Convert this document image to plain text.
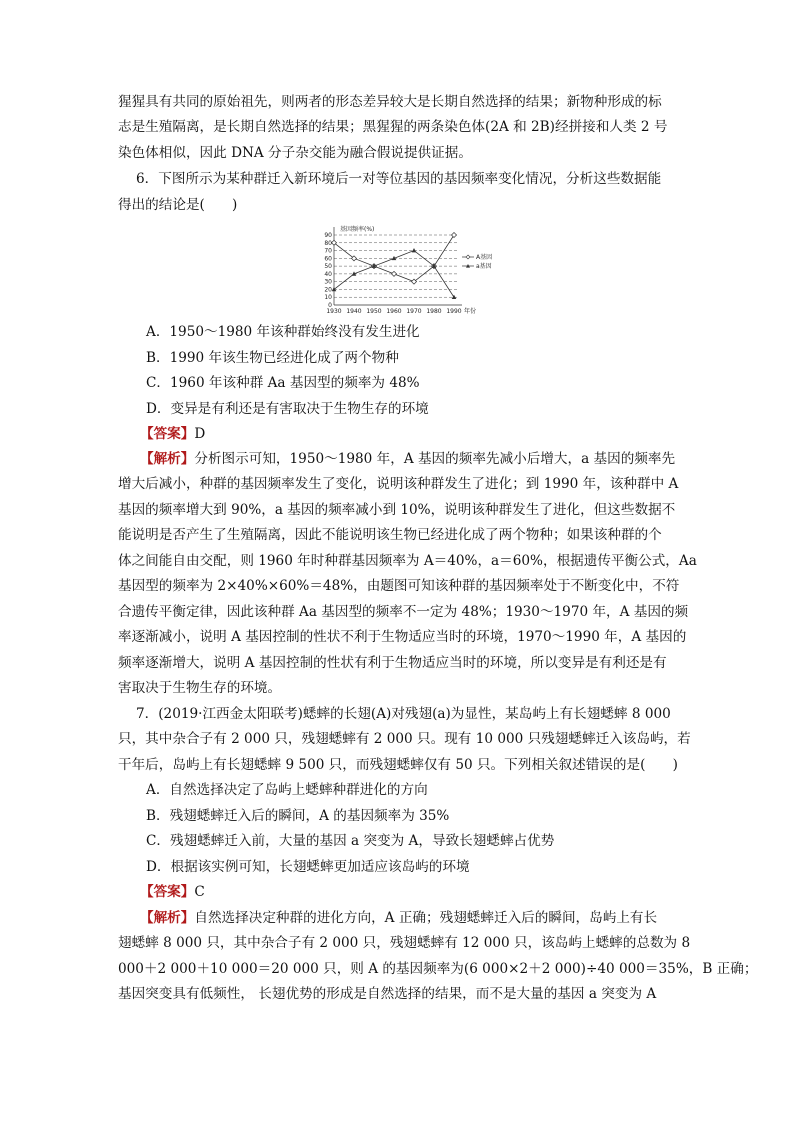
猩猩具有共同的原始祖先，则两者的形态差异较大是长期自然选择的结果；新物种形成的标
志是生殖隔离，是长期自然选择的结果；黑猩猩的两条染色体(2A 和 2B)经拼接和人类 2 号
染色体相似，因此 DNA 分子杂交能为融合假说提供证据。
6．下图所示为某种群迁入新环境后一对等位基因的基因频率变化情况，分析这些数据能
得出的结论是(　　)
0
10
20
30
40
50
60
70
80
90
基因频率(%)
年份
1930 1940 1950 1960 1970 1980 1990
A基因
a基因
A．1950～1980 年该种群始终没有发生进化
B．1990 年该生物已经进化成了两个物种
C．1960 年该种群 Aa 基因型的频率为 48%
D．变异是有利还是有害取决于生物生存的环境
【答案】D
【解析】分析图示可知，1950～1980 年，A 基因的频率先减小后增大，a 基因的频率先
增大后减小，种群的基因频率发生了变化，说明该种群发生了进化；到 1990 年，该种群中 A
基因的频率增大到 90%，a 基因的频率减小到 10%，说明该种群发生了进化，但这些数据不
能说明是否产生了生殖隔离，因此不能说明该生物已经进化成了两个物种；如果该种群的个
体之间能自由交配，则 1960 年时种群基因频率为 A＝40%，a＝60%，根据遗传平衡公式，Aa
基因型的频率为 2×40%×60%＝48%，由题图可知该种群的基因频率处于不断变化中，不符
合遗传平衡定律，因此该种群 Aa 基因型的频率不一定为 48%；1930～1970 年，A 基因的频
率逐渐减小，说明 A 基因控制的性状不利于生物适应当时的环境，1970～1990 年，A 基因的
频率逐渐增大，说明 A 基因控制的性状有利于生物适应当时的环境，所以变异是有利还是有
害取决于生物生存的环境。
7．(2019·江西金太阳联考)蟋蟀的长翅(A)对残翅(a)为显性，某岛屿上有长翅蟋蟀 8 000
只，其中杂合子有 2 000 只，残翅蟋蟀有 2 000 只。现有 10 000 只残翅蟋蟀迁入该岛屿，若
干年后，岛屿上有长翅蟋蟀 9 500 只，而残翅蟋蟀仅有 50 只。下列相关叙述错误的是(　　)
A．自然选择决定了岛屿上蟋蟀种群进化的方向
B．残翅蟋蟀迁入后的瞬间，A 的基因频率为 35%
C．残翅蟋蟀迁入前，大量的基因 a 突变为 A，导致长翅蟋蟀占优势
D．根据该实例可知，长翅蟋蟀更加适应该岛屿的环境
【答案】C
【解析】自然选择决定种群的进化方向，A 正确；残翅蟋蟀迁入后的瞬间，岛屿上有长
翅蟋蟀 8 000 只，其中杂合子有 2 000 只，残翅蟋蟀有 12 000 只，该岛屿上蟋蟀的总数为 8
000＋2 000＋10 000＝20 000 只，则 A 的基因频率为(6 000×2＋2 000)÷40 000＝35%，B 正确；
基因突变具有低频性， 长翅优势的形成是自然选择的结果，而不是大量的基因 a 突变为 A
